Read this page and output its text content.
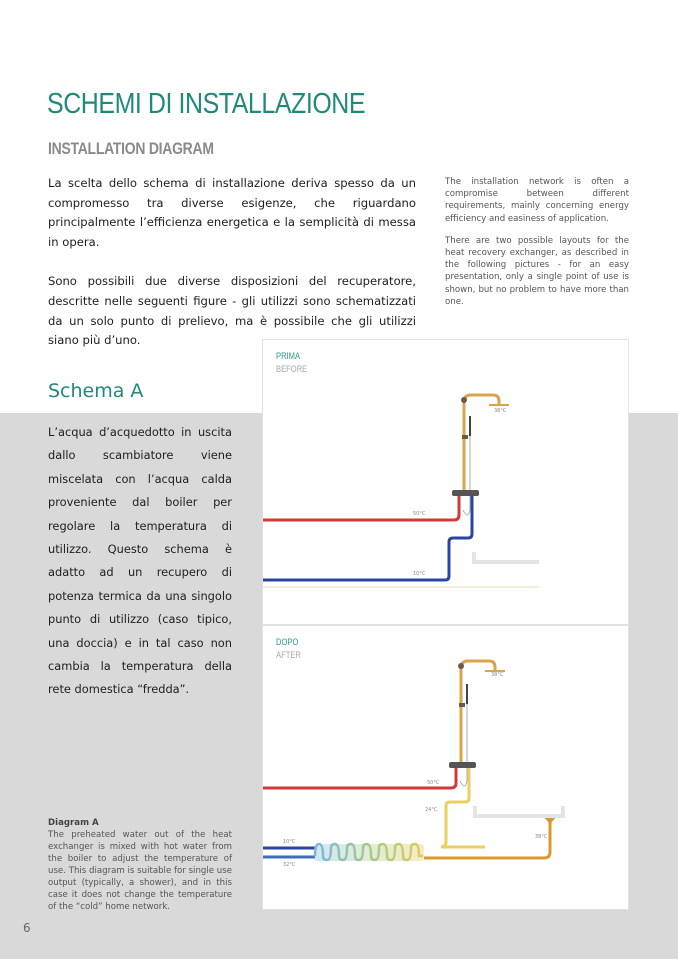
SCHEMI DI INSTALLAZIONE
INSTALLATION DIAGRAM

La scelta dello schema di installazione deriva spesso da un compromesso tra diverse esigenze, che riguardano principalmente l’efficienza energetica e la semplicità di messa in opera.

Sono possibili due diverse disposizioni del recuperatore, descritte nelle seguenti figure - gli utilizzi sono schematizzati da un solo punto di prelievo, ma è possibile che gli utilizzi siano più d’uno.

The installation network is often a compromise between different requirements, mainly concerning energy efficiency and easiness of application.

There are two possible layouts for the heat recovery exchanger, as described in the following pictures - for an easy presentation, only a single point of use is shown, but no problem to have more than one.

Schema A

L’acqua d’acquedotto in uscita dallo scambiatore viene miscelata con l’acqua calda proveniente dal boiler per regolare la temperatura di utilizzo. Questo schema è adatto ad un recupero di potenza termica da una singolo punto di utilizzo (caso tipico, una doccia) e in tal caso non cambia la temperatura della rete domestica “fredda”.

Diagram A
The preheated water out of the heat exchanger is mixed with hot water from the boiler to adjust the temperature of use. This diagram is suitable for single use output (typically, a shower), and in this case it does not change the temperature of the “cold” home network.
6
38°C
50°C
10°C
PRIMA
BEFORE
38°C
50°C
24°C
38°C
10°C
32°C
DOPO
AFTER
